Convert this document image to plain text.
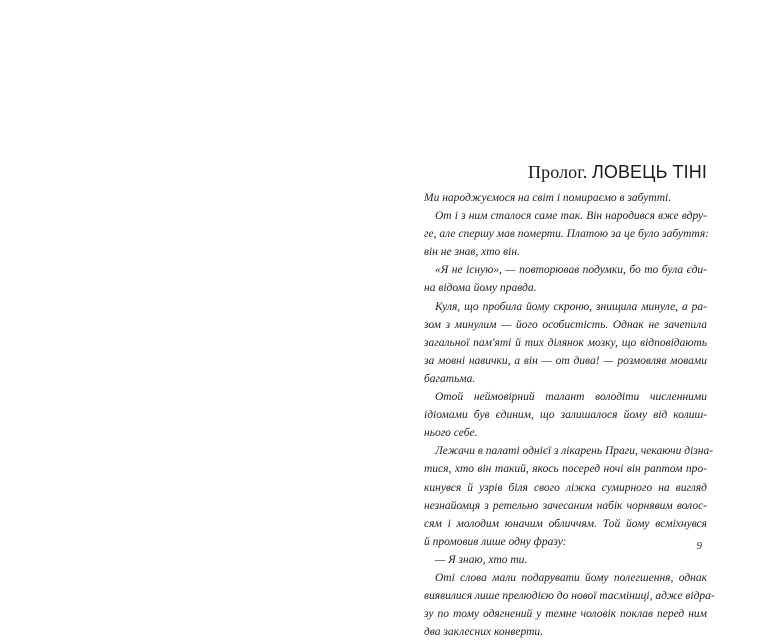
Пролог. ЛОВЕЦЬ ТІНІ
Ми народжуємося на світ і помираємо в забутті.
От і з ним сталося саме так. Він народився вже вдру-
ге, але спершу мав померти. Платою за це було забуття:
він не знав, хто він.
«Я не існую», — повторював подумки, бо то була єди-
на відома йому правда.
Куля, що пробила йому скроню, знищила минуле, а ра-
зом з минулим — його особистість. Однак не зачепила
загальної пам'яті й тих ділянок мозку, що відповідають
за мовні навички, а він — от дива! — розмовляв мовами
багатьма.
Отой неймовірний талант володіти численними
ідіомами був єдиним, що залишалося йому від колиш-
нього себе.
Лежачи в палаті однієї з лікарень Праги, чекаючи дізна-
тися, хто він такий, якось посеред ночі він раптом про-
кинувся й узрів біля свого ліжка сумирного на вигляд
незнайомця з ретельно зачесаним набік чорнявим волос-
сям і молодим юначим обличчям. Той йому всміхнувся
й промовив лише одну фразу:
— Я знаю, хто ти.
Оті слова мали подарувати йому полегшення, однак
виявилися лише прелюдією до нової тасміниці, адже відра-
зу по тому одягнений у темне чоловік поклав перед ним
два заклесних конверти.
9
